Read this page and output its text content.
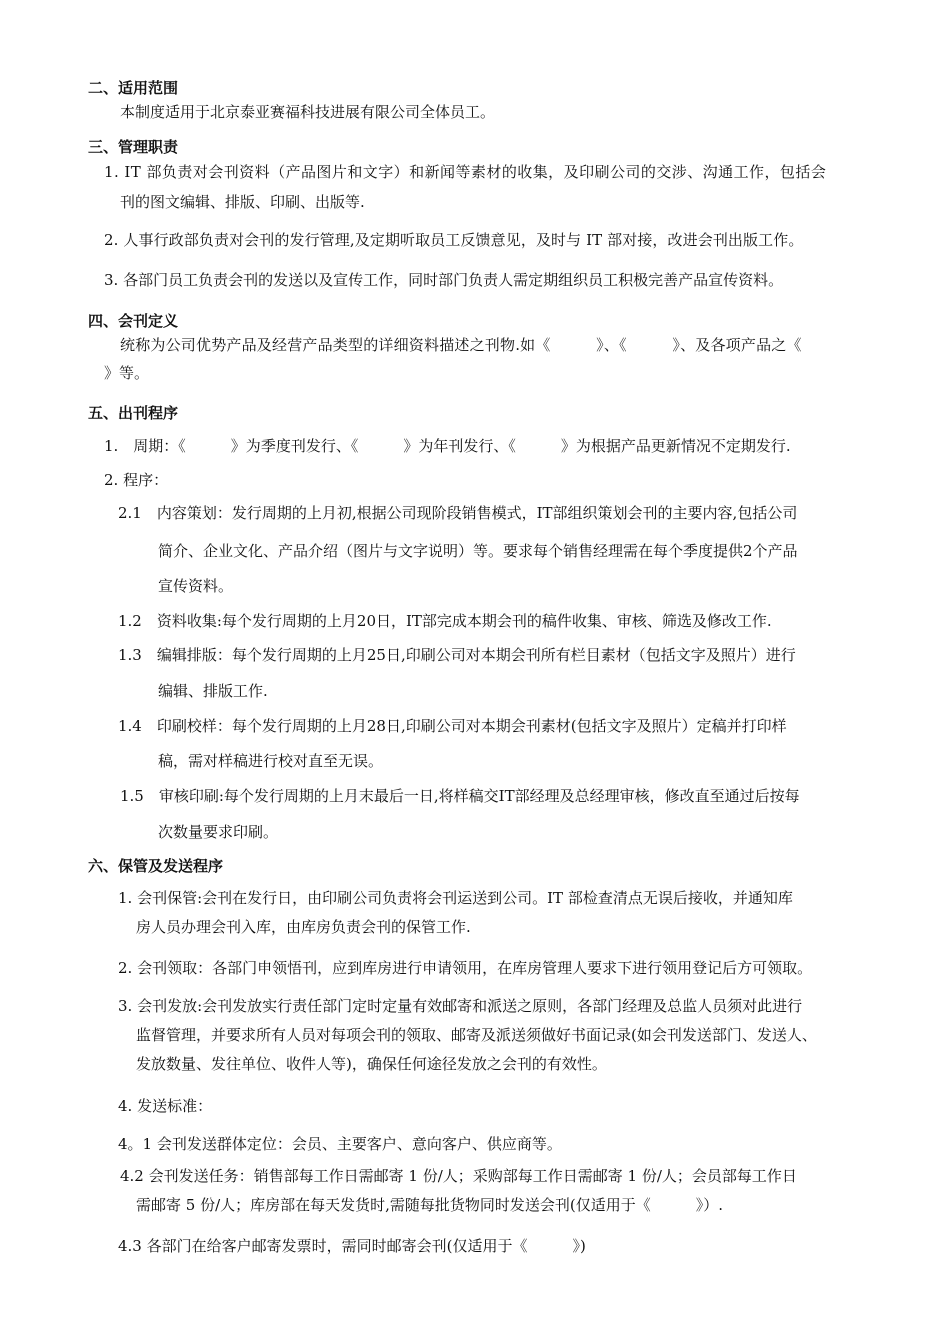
二、适用范围
本制度适用于北京泰亚赛福科技进展有限公司全体员工。
三、管理职责
1. IT 部负责对会刊资料（产品图片和文字）和新闻等素材的收集，及印刷公司的交涉、沟通工作，包括会
刊的图文编辑、排版、印刷、出版等.
2. 人事行政部负责对会刊的发行管理,及定期听取员工反馈意见，及时与 IT 部对接，改进会刊出版工作。
3. 各部门员工负责会刊的发送以及宣传工作，同时部门负责人需定期组织员工积极完善产品宣传资料。
四、会刊定义
统称为公司优势产品及经营产品类型的详细资料描述之刊物.如《　　　》、《　　　》、及各项产品之《
》等。
五、出刊程序
1.　周期：《　　　》为季度刊发行、《　　　》为年刊发行、《　　　》为根据产品更新情况不定期发行.
2. 程序：
2.1　内容策划：发行周期的上月初,根据公司现阶段销售模式，IT部组织策划会刊的主要内容,包括公司
简介、企业文化、产品介绍（图片与文字说明）等。要求每个销售经理需在每个季度提供2个产品
宣传资料。
1.2　资料收集:每个发行周期的上月20日，IT部完成本期会刊的稿件收集、审核、筛选及修改工作.
1.3　编辑排版：每个发行周期的上月25日,印刷公司对本期会刊所有栏目素材（包括文字及照片）进行
编辑、排版工作.
1.4　印刷校样：每个发行周期的上月28日,印刷公司对本期会刊素材(包括文字及照片）定稿并打印样
稿，需对样稿进行校对直至无误。
1.5　审核印刷:每个发行周期的上月末最后一日,将样稿交IT部经理及总经理审核，修改直至通过后按每
次数量要求印刷。
六、保管及发送程序
1. 会刊保管:会刊在发行日，由印刷公司负责将会刊运送到公司。IT 部检查清点无误后接收，并通知库
房人员办理会刊入库，由库房负责会刊的保管工作.
2. 会刊领取：各部门申领悟刊，应到库房进行申请领用，在库房管理人要求下进行领用登记后方可领取。
3. 会刊发放:会刊发放实行责任部门定时定量有效邮寄和派送之原则，各部门经理及总监人员须对此进行
监督管理，并要求所有人员对每项会刊的领取、邮寄及派送须做好书面记录(如会刊发送部门、发送人、
发放数量、发往单位、收件人等)，确保任何途径发放之会刊的有效性。
4. 发送标准：
4。1 会刊发送群体定位：会员、主要客户、意向客户、供应商等。
4.2 会刊发送任务：销售部每工作日需邮寄 1 份/人；采购部每工作日需邮寄 1 份/人；会员部每工作日
需邮寄 5 份/人；库房部在每天发货时,需随每批货物同时发送会刊(仅适用于《　　　》）.
4.3 各部门在给客户邮寄发票时，需同时邮寄会刊(仅适用于《　　　》)
